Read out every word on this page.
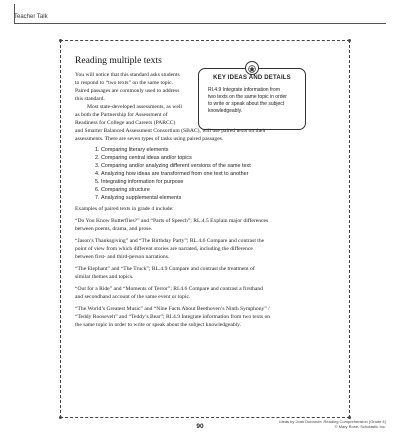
Teacher Talk
KEY IDEAS AND DETAILS
RI.4.9 Integrate information from
two texts on the same topic in order
to write or speak about the subject
knowledgeably.
Reading multiple texts
You will notice that this standard asks students
to respond to “two texts” on the same topic.
Paired passages are commonly used to address
this standard.
Most state-developed assessments, as well
as both the Partnership for Assessment of
Readiness for College and Careers (PARCC)
and Smarter Balanced Assessment Consortium (SBAC), will use paired texts on their
assessments. There are seven types of tasks using paired passages.
1. Comparing literary elements
2. Comparing central ideas and/or topics
3. Comparing and/or analyzing different versions of the same text
4. Analyzing how ideas are transformed from one text to another
5. Integrating information for purpose
6. Comparing structure
7. Analyzing supplemental elements
Examples of paired texts in grade 4 include:
“Do You Know Butterflies?” and “Parts of Speech”; RL.4.5 Explain major differences
between poems, drama, and prose.
“Jason’s Thanksgiving” and “The Birthday Party”; RL.4.6 Compare and contrast the
point of view from which different stories are narrated, including the difference
between first- and third-person narrations.
“The Elephant” and “The Truck”; RL.4.9 Compare and contrast the treatment of
similar themes and topics.
“Out for a Ride” and “Moments of Terror”; RI.4.6 Compare and contrast a firsthand
and secondhand account of the same event or topic.
“The World’s Greatest Music” and “Nine Facts About Beethoven’s Ninth Symphony” /
“Teddy Roosevelt” and “Teddy’s Bear”; RI.4.9 Integrate information from two texts on
the same topic in order to write or speak about the subject knowledgeably.
90
Ideas by Joan Dubrovin: Reading Comprehension (Grade 4)
© Mary Rose, Scholastic Inc.
